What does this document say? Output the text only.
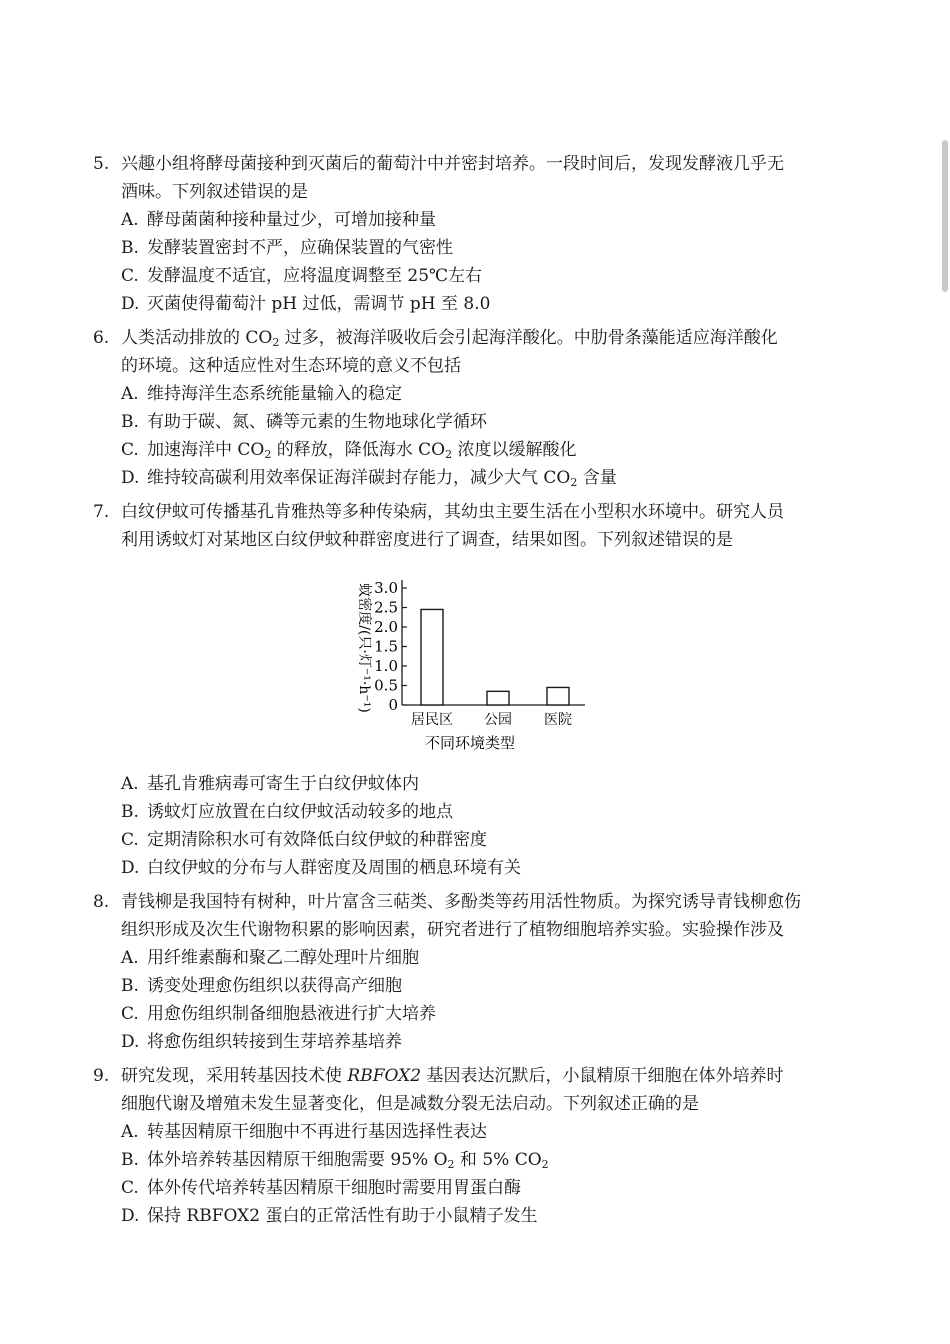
5. 兴趣小组将酵母菌接种到灭菌后的葡萄汁中并密封培养。一段时间后，发现发酵液几乎无
酒味。下列叙述错误的是
A. 酵母菌菌种接种量过少，可增加接种量
B. 发酵装置密封不严，应确保装置的气密性
C. 发酵温度不适宜，应将温度调整至 25℃左右
D. 灭菌使得葡萄汁 pH 过低，需调节 pH 至 8.0
6. 人类活动排放的 $CO_2$ 过多，被海洋吸收后会引起海洋酸化。中肋骨条藻能适应海洋酸化
的环境。这种适应性对生态环境的意义不包括
A. 维持海洋生态系统能量输入的稳定
B. 有助于碳、氮、磷等元素的生物地球化学循环
C. 加速海洋中 $CO_2$ 的释放，降低海水 $CO_2$ 浓度以缓解酸化
D. 维持较高碳利用效率保证海洋碳封存能力，减少大气 $CO_2$ 含量
7. 白纹伊蚊可传播基孔肯雅热等多种传染病，其幼虫主要生活在小型积水环境中。研究人员
利用诱蚊灯对某地区白纹伊蚊种群密度进行了调查，结果如图。下列叙述错误的是
蚊密度/(只·灯⁻¹·h⁻¹) 0
0.5
1.0
1.5
2.0
2.5
3.0
居民区 公园 医院
不同环境类型
A. 基孔肯雅病毒可寄生于白纹伊蚊体内
B. 诱蚊灯应放置在白纹伊蚊活动较多的地点
C. 定期清除积水可有效降低白纹伊蚊的种群密度
D. 白纹伊蚊的分布与人群密度及周围的栖息环境有关
8. 青钱柳是我国特有树种，叶片富含三萜类、多酚类等药用活性物质。为探究诱导青钱柳愈伤
组织形成及次生代谢物积累的影响因素，研究者进行了植物细胞培养实验。实验操作涉及
A. 用纤维素酶和聚乙二醇处理叶片细胞
B. 诱变处理愈伤组织以获得高产细胞
C. 用愈伤组织制备细胞悬液进行扩大培养
D. 将愈伤组织转接到生芽培养基培养
9. 研究发现，采用转基因技术使 RBFOX2 基因表达沉默后，小鼠精原干细胞在体外培养时
细胞代谢及增殖未发生显著变化，但是减数分裂无法启动。下列叙述正确的是
A. 转基因精原干细胞中不再进行基因选择性表达
B. 体外培养转基因精原干细胞需要 95% $O_2$ 和 5% $CO_2$
C. 体外传代培养转基因精原干细胞时需要用胃蛋白酶
D. 保持 RBFOX2 蛋白的正常活性有助于小鼠精子发生
